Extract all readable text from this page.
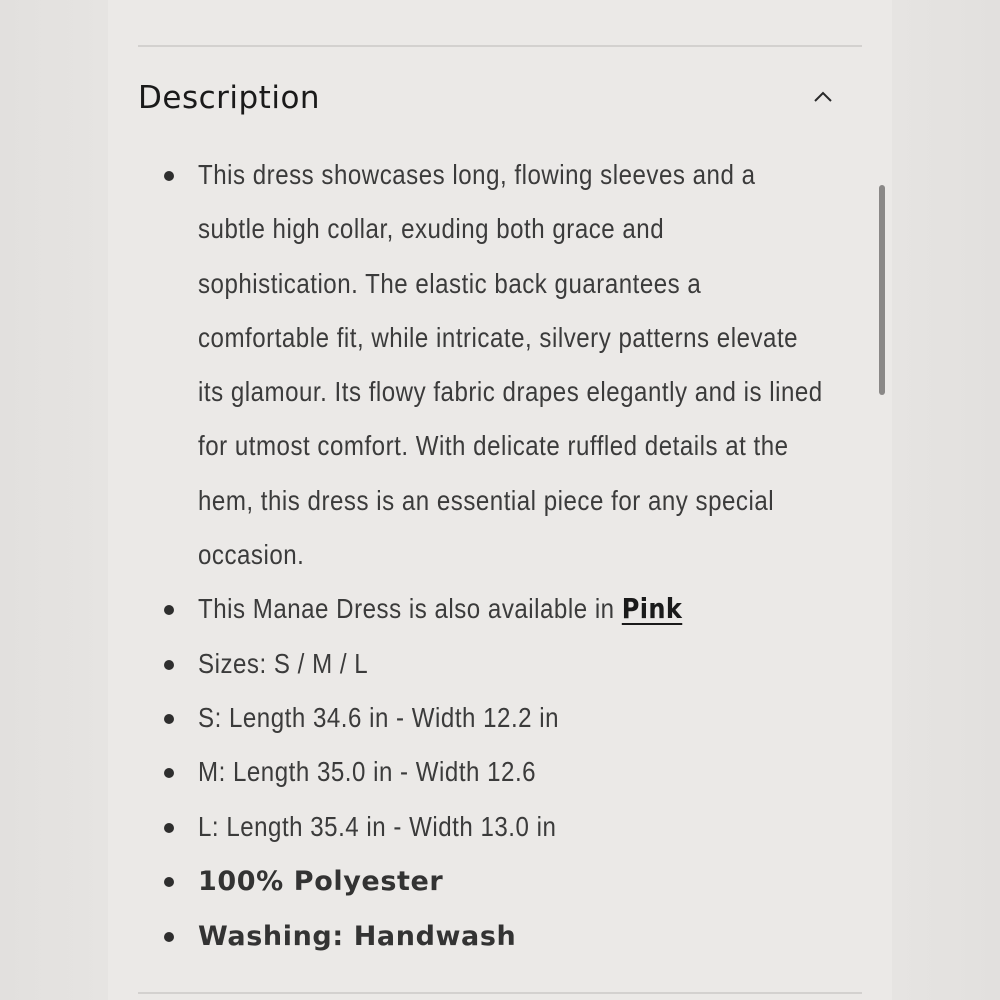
Description
This dress showcases long, flowing sleeves and a subtle high collar, exuding both grace and sophistication. The elastic back guarantees a comfortable fit, while intricate, silvery patterns elevate its glamour. Its flowy fabric drapes elegantly and is lined for utmost comfort. With delicate ruffled details at the hem, this dress is an essential piece for any special occasion.
This Manae Dress is also available in Pink
Sizes: S / M / L
S: Length 34.6 in - Width 12.2 in
M: Length 35.0 in - Width 12.6
L: Length 35.4 in - Width 13.0 in
100% Polyester
Washing: Handwash
